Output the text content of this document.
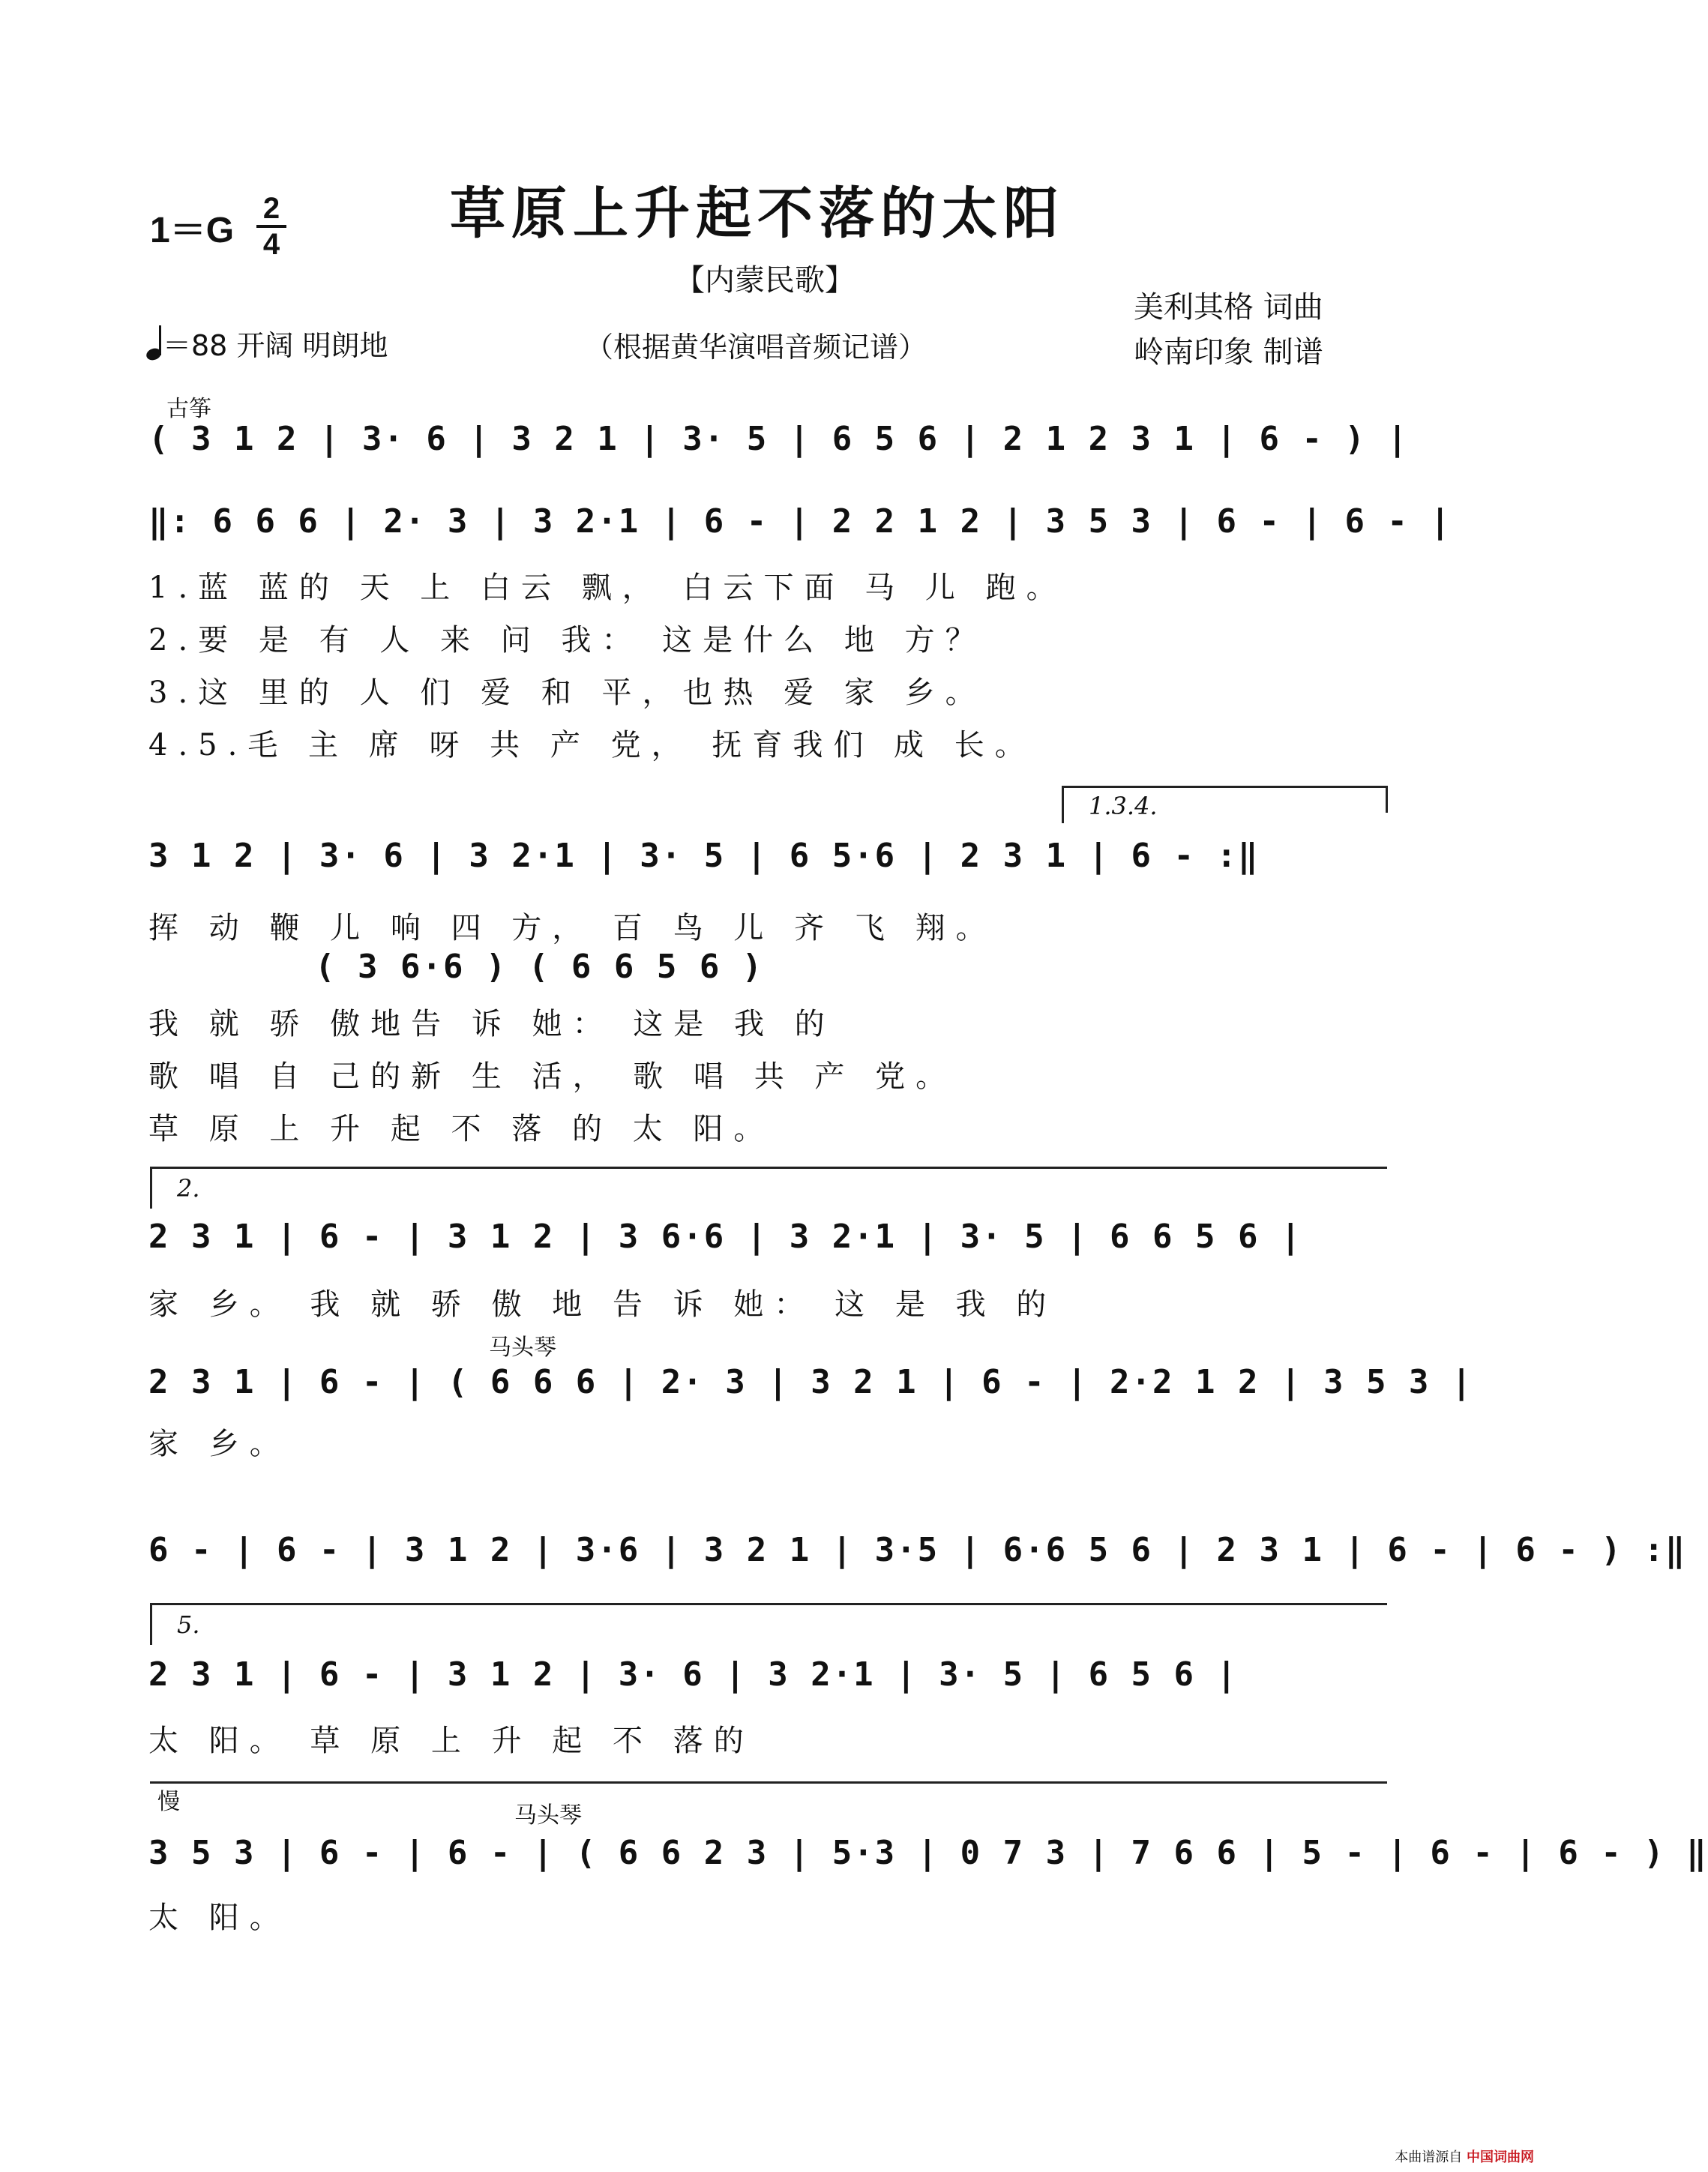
1＝G
2
4	草原上升起不落的太阳
【内蒙民歌】
美利其格 词曲
岭南印象 制谱
＝88 开阔 明朗地	（根据黄华演唱音频记谱）
古筝
( 3 1 2 | 3· 6 | 3 2 1 | 3· 5 | 6 5 6 | 2 1 2 3 1 | 6 - ) |
‖: 6 6 6 | 2· 3 | 3 2·1 | 6 - | 2 2 1 2 | 3 5 3 | 6 - | 6 - |
1.蓝 蓝的 天 上 白云 飘， 白云下面 马 儿 跑。
2.要 是 有 人 来 问 我： 这是什么 地 方？
3.这 里的 人 们 爱 和 平，也热 爱 家 乡。
4.5.毛 主 席 呀 共 产 党， 抚育我们 成 长。
1.3.4.
3 1 2 | 3· 6 | 3 2·1 | 3· 5 | 6 5·6 | 2 3 1 | 6 - :‖
挥 动 鞭 儿 响 四 方， 百 鸟 儿 齐 飞 翔。
( 3 6·6 ) ( 6 6 5 6 )
我 就 骄 傲地告 诉 她： 这是 我 的
歌 唱 自 己的新 生 活， 歌 唱 共 产 党。
草 原 上 升 起 不 落 的 太 阳。
2.
2 3 1 | 6 - | 3 1 2 | 3 6·6 | 3 2·1 | 3· 5 | 6 6 5 6 |
家 乡。 我 就 骄 傲 地 告 诉 她： 这 是 我 的
马头琴
2 3 1 | 6 - | ( 6 6 6 | 2· 3 | 3 2 1 | 6 - | 2·2 1 2 | 3 5 3 |
家 乡。
6 - | 6 - | 3 1 2 | 3·6 | 3 2 1 | 3·5 | 6·6 5 6 | 2 3 1 | 6 - | 6 - ) :‖
5.
2 3 1 | 6 - | 3 1 2 | 3· 6 | 3 2·1 | 3· 5 | 6 5 6 |
太 阳。 草 原 上 升 起 不 落的
慢
马头琴
3 5 3 | 6 - | 6 - | ( 6 6 2 3 | 5·3 | 0 7 3 | 7 6 6 | 5 - | 6 - | 6 - ) ‖
太 阳。
本曲谱源自 中国词曲网
